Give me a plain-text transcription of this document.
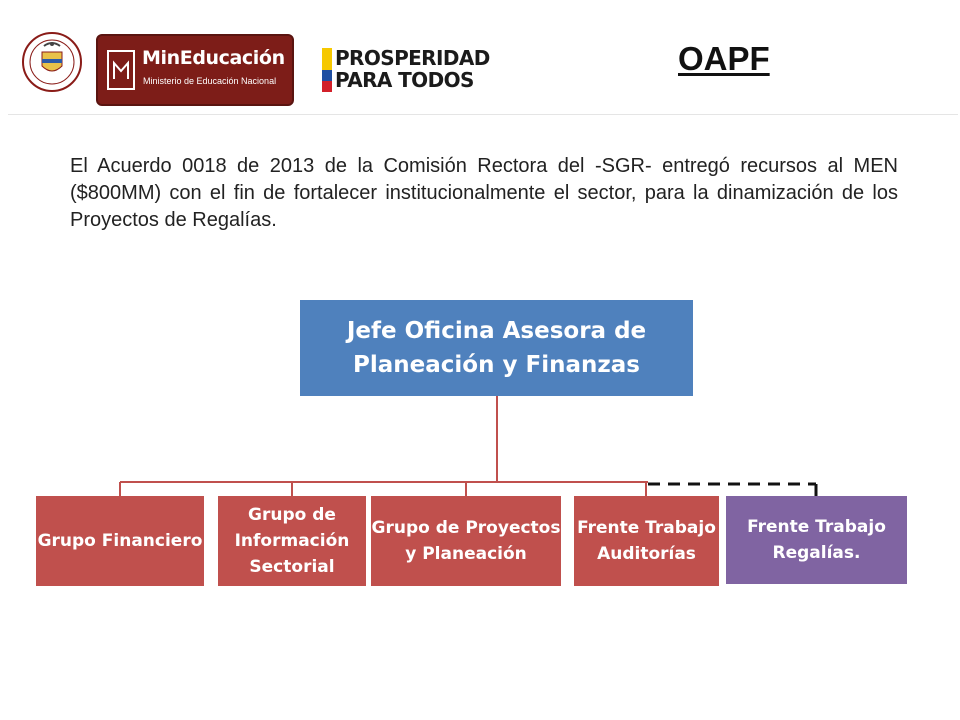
MinEducación
Ministerio de Educación Nacional
PROSPERIDAD
PARA TODOS
OAPF
El Acuerdo 0018 de 2013 de la Comisión Rectora del -SGR- entregó recursos al MEN ($800MM) con el fin de fortalecer institucionalmente el sector, para la dinamización de los Proyectos de Regalías.
Jefe Oficina Asesora de Planeación y Finanzas
Grupo Financiero
Grupo de Información Sectorial
Grupo de Proyectos y Planeación
Frente Trabajo Auditorías
Frente Trabajo Regalías.
